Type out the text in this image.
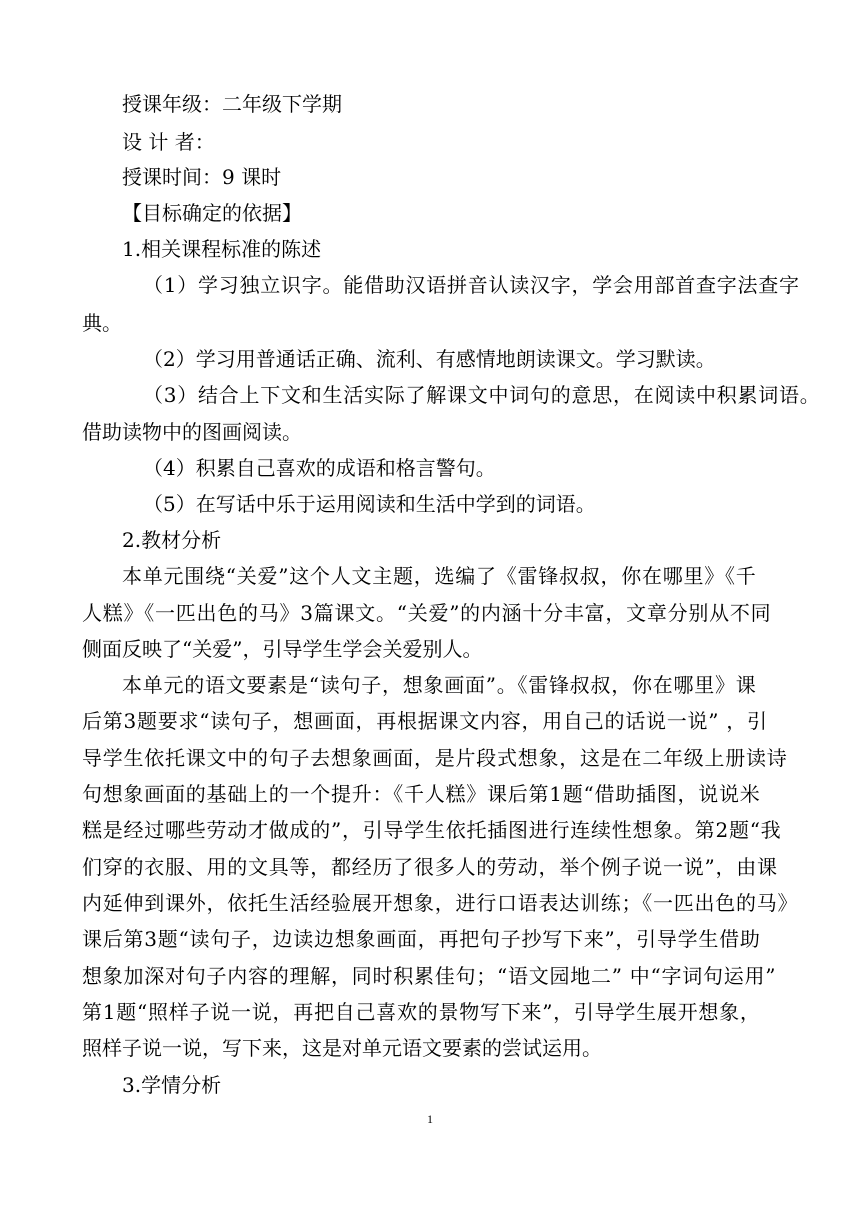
授课年级：二年级下学期

设 计 者：

授课时间：9 课时

【目标确定的依据】

1.相关课程标准的陈述

（1）学习独立识字。能借助汉语拼音认读汉字，学会用部首查字法查字

典。

（2）学习用普通话正确、流利、有感情地朗读课文。学习默读。

（3）结合上下文和生活实际了解课文中词句的意思，在阅读中积累词语。

借助读物中的图画阅读。

（4）积累自己喜欢的成语和格言警句。

（5）在写话中乐于运用阅读和生活中学到的词语。

2.教材分析

本单元围绕“关爱”这个人文主题，选编了《雷锋叔叔，你在哪里》《千

人糕》《一匹出色的马》3篇课文。“关爱”的内涵十分丰富，文章分别从不同

侧面反映了“关爱”，引导学生学会关爱别人。

本单元的语文要素是“读句子，想象画面”。《雷锋叔叔，你在哪里》课

后第3题要求“读句子，想画面，再根据课文内容，用自己的话说一说” ，引

导学生依托课文中的句子去想象画面，是片段式想象，这是在二年级上册读诗

句想象画面的基础上的一个提升：《千人糕》课后第1题“借助插图，说说米

糕是经过哪些劳动才做成的”，引导学生依托插图进行连续性想象。第2题“我

们穿的衣服、用的文具等，都经历了很多人的劳动，举个例子说一说”，由课

内延伸到课外，依托生活经验展开想象，进行口语表达训练；《一匹出色的马》

课后第3题“读句子，边读边想象画面，再把句子抄写下来”，引导学生借助

想象加深对句子内容的理解，同时积累佳句；“语文园地二” 中“字词句运用”

第1题“照样子说一说，再把自己喜欢的景物写下来”，引导学生展开想象，

照样子说一说，写下来，这是对单元语文要素的尝试运用。

3.学情分析

1
